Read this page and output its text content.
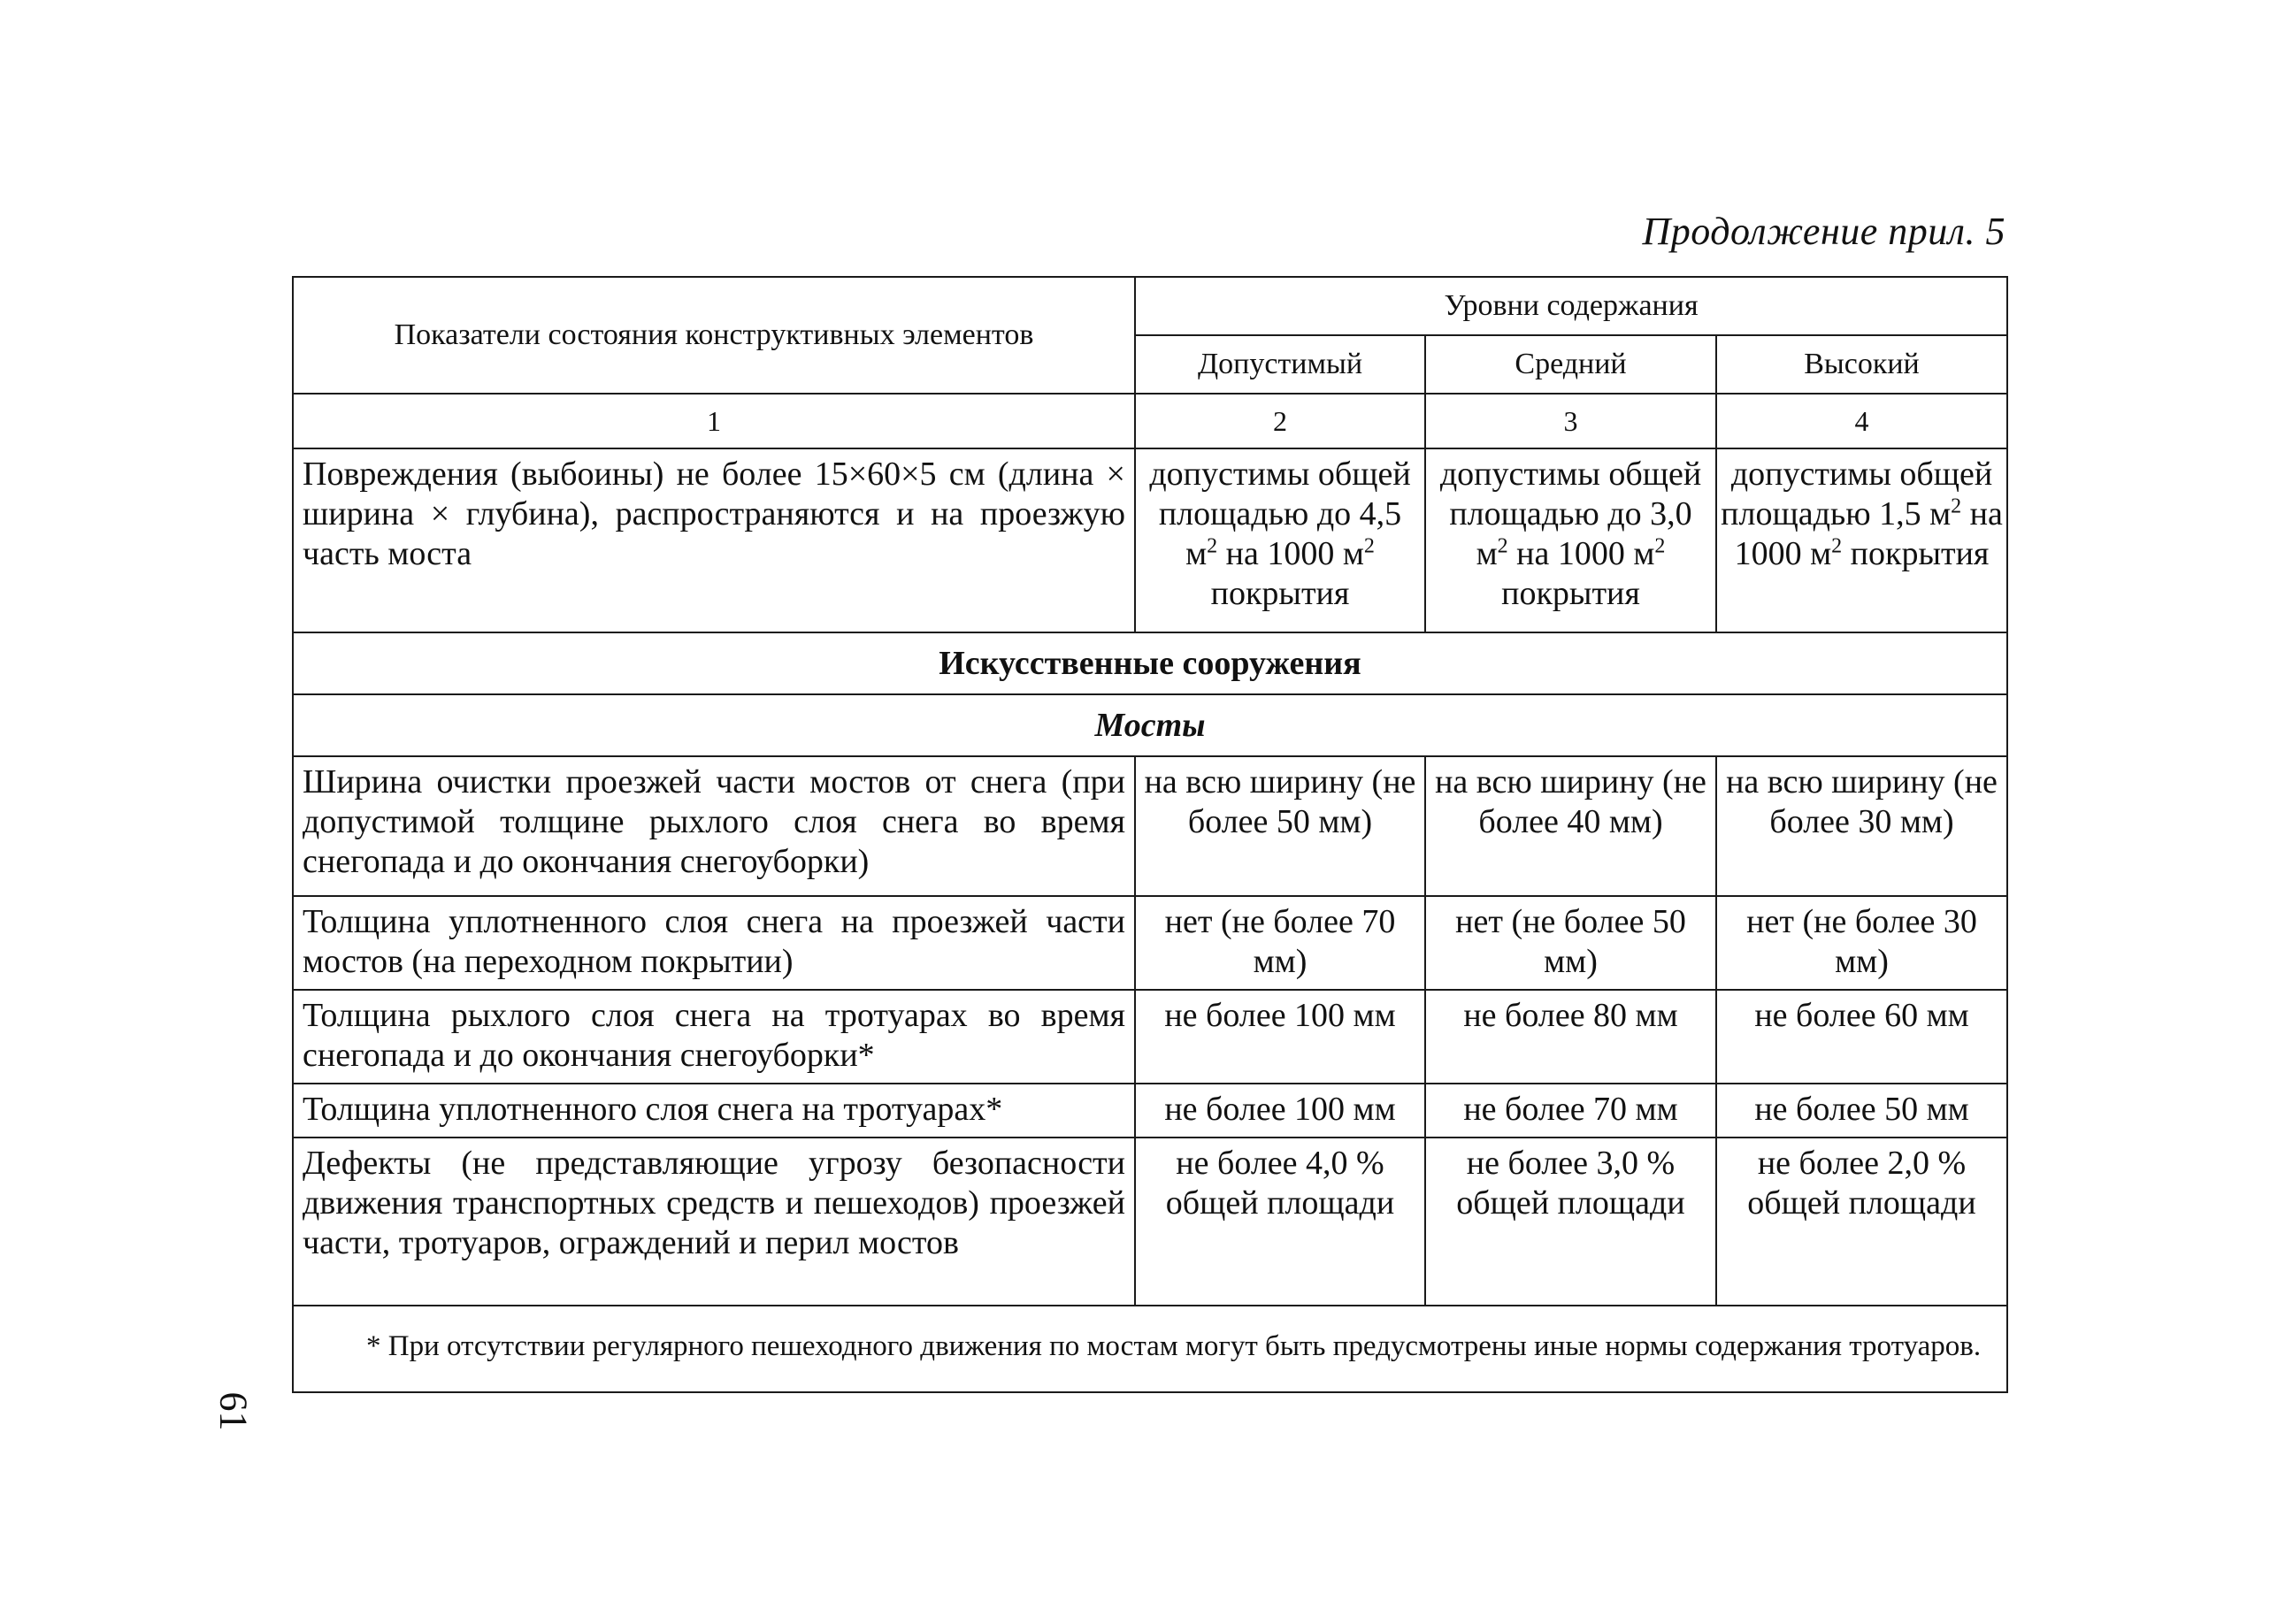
Продолжение прил. 5
61
Показатели состояния конструктивных элементов	Уровни содержания		
	Допустимый	Средний	Высокий
1	2	3	4
Повреждения (выбоины) не более 15×60×5 см (длина × ширина × глубина), распространяются и на проезжую часть моста	допустимы общей площадью до 4,5 $м^2$ на 1000 $м^2$ покрытия	допустимы общей площадью до 3,0 $м^2$ на 1000 $м^2$ покрытия	допустимы общей площадью 1,5 $м^2$ на 1000 $м^2$ покрытия
Искусственные сооружения			
Мосты			
Ширина очистки проезжей части мостов от снега (при допустимой толщине рыхлого слоя снега во время снегопада и до окончания снегоуборки)	на всю ширину (не более 50 мм)	на всю ширину (не более 40 мм)	на всю ширину (не более 30 мм)
Толщина уплотненного слоя снега на проезжей части мостов (на переходном покрытии)	нет (не более 70 мм)	нет (не более 50 мм)	нет (не более 30 мм)
Толщина рыхлого слоя снега на тротуарах во время снегопада и до окончания снегоуборки*	не более 100 мм	не более 80 мм	не более 60 мм
Толщина уплотненного слоя снега на тротуарах*	не более 100 мм	не более 70 мм	не более 50 мм
Дефекты (не представляющие угрозу безопасности движения транспортных средств и пешеходов) проезжей части, тротуаров, ограждений и перил мостов	не более 4,0 % общей площади	не более 3,0 % общей площади	не более 2,0 % общей площади
* При отсутствии регулярного пешеходного движения по мостам могут быть предусмотрены иные нормы содержания тротуаров.			
